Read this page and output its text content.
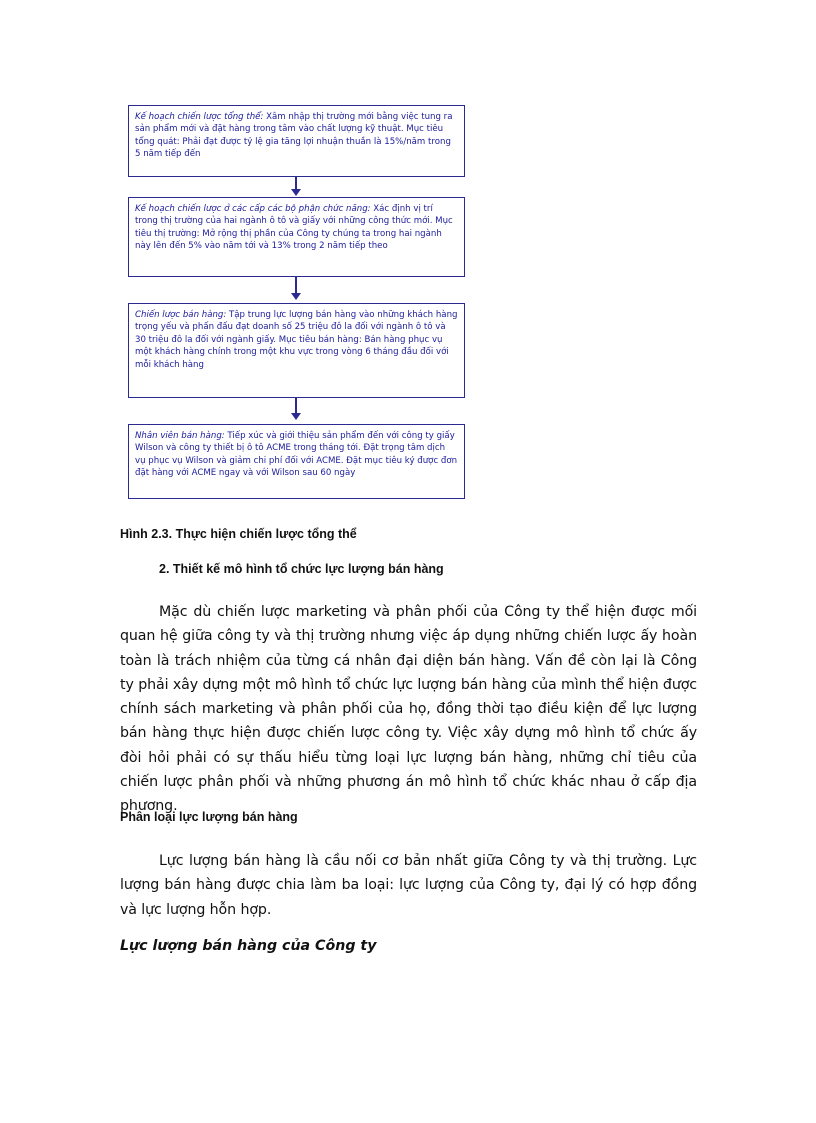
Kế hoạch chiến lược tổng thể: Xâm nhập thị trường mới bằng việc tung ra sản phẩm mới và đặt hàng trong tâm vào chất lượng kỹ thuật. Mục tiêu tổng quát: Phải đạt được tỷ lệ gia tăng lợi nhuận thuần là 15%/năm trong 5 năm tiếp đến
Kế hoạch chiến lược ở các cấp các bộ phận chức năng: Xác định vị trí trong thị trường của hai ngành ô tô và giấy với những công thức mới. Mục tiêu thị trường: Mở rộng thị phần của Công ty chúng ta trong hai ngành này lên đến 5% vào năm tới và 13% trong 2 năm tiếp theo
Chiến lược bán hàng: Tập trung lực lượng bán hàng vào những khách hàng trọng yếu và phấn đấu đạt doanh số 25 triệu đô la đối với ngành ô tô và 30 triệu đô la đối với ngành giấy. Mục tiêu bán hàng: Bán hàng phục vụ một khách hàng chính trong một khu vực trong vòng 6 tháng đầu đối với mỗi khách hàng
Nhân viên bán hàng: Tiếp xúc và giới thiệu sản phẩm đến với công ty giấy Wilson và công ty thiết bị ô tô ACME trong tháng tới. Đặt trọng tâm dịch vụ phục vụ Wilson và giảm chi phí đối với ACME. Đặt mục tiêu ký được đơn đặt hàng với ACME ngay và với Wilson sau 60 ngày
Hình 2.3. Thực hiện chiến lược tổng thể
2. Thiết kế mô hình tổ chức lực lượng bán hàng
Mặc dù chiến lược marketing và phân phối của Công ty thể hiện được mối quan hệ giữa công ty và thị trường nhưng việc áp dụng những chiến lược ấy hoàn toàn là trách nhiệm của từng cá nhân đại diện bán hàng. Vấn đề còn lại là Công ty phải xây dựng một mô hình tổ chức lực lượng bán hàng của mình thể hiện được chính sách marketing và phân phối của họ, đồng thời tạo điều kiện để lực lượng bán hàng thực hiện được chiến lược công ty. Việc xây dựng mô hình tổ chức ấy đòi hỏi phải có sự thấu hiểu từng loại lực lượng bán hàng, những chỉ tiêu của chiến lược phân phối và những phương án mô hình tổ chức khác nhau ở cấp địa phương.
Phân loại lực lượng bán hàng
Lực lượng bán hàng là cầu nối cơ bản nhất giữa Công ty và thị trường. Lực lượng bán hàng được chia làm ba loại: lực lượng của Công ty, đại lý có hợp đồng và lực lượng hỗn hợp.
Lực lượng bán hàng của Công ty
